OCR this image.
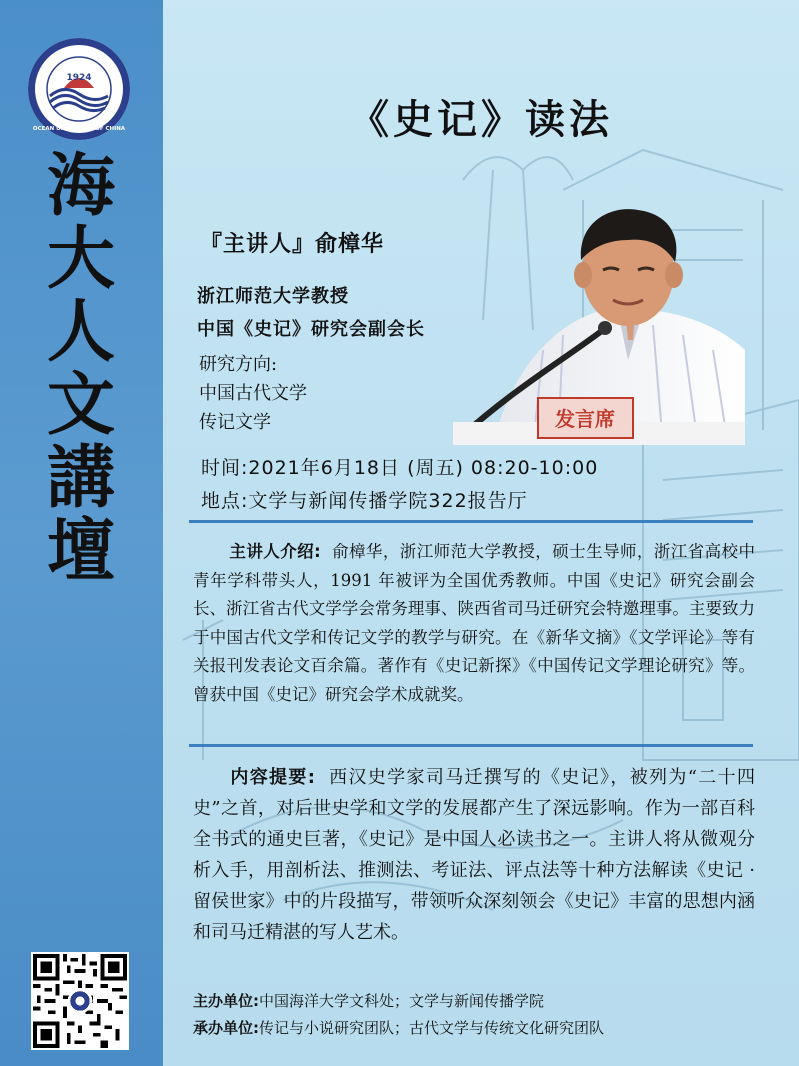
1924
中国海洋大学
OCEAN UNIVERSITY OF CHINA
海
大
人
文
講
壇
《史记》读法
『主讲人』俞樟华
浙江师范大学教授
中国《史记》研究会副会长
研究方向:
中国古代文学
传记文学	发言席
时间:2021年6月18日 (周五) 08:20-10:00
地点:文学与新闻传播学院322报告厅
主讲人介绍: 俞樟华，浙江师范大学教授，硕士生导师，浙江省高校中青年学科带头人，1991 年被评为全国优秀教师。中国《史记》研究会副会长、浙江省古代文学学会常务理事、陕西省司马迁研究会特邀理事。主要致力于中国古代文学和传记文学的教学与研究。在《新华文摘》《文学评论》等有关报刊发表论文百余篇。著作有《史记新探》《中国传记文学理论研究》等。曾获中国《史记》研究会学术成就奖。
内容提要: 西汉史学家司马迁撰写的《史记》，被列为“二十四史”之首，对后世史学和文学的发展都产生了深远影响。作为一部百科全书式的通史巨著，《史记》是中国人必读书之一。主讲人将从微观分析入手，用剖析法、推测法、考证法、评点法等十种方法解读《史记 · 留侯世家》中的片段描写，带领听众深刻领会《史记》丰富的思想内涵和司马迁精湛的写人艺术。
主办单位:中国海洋大学文科处；文学与新闻传播学院
承办单位:传记与小说研究团队；古代文学与传统文化研究团队
